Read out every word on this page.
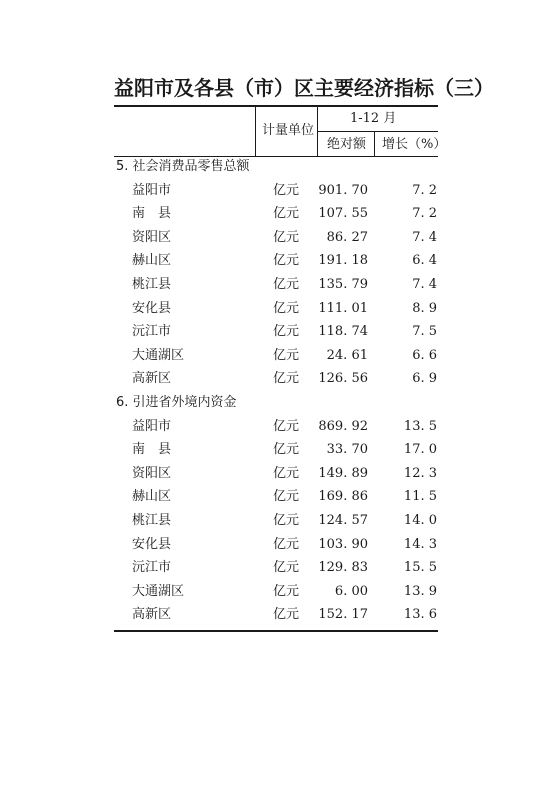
益阳市及各县（市）区主要经济指标（三）
计量单位
1-12 月
绝对额 增长（%）
5. 社会消费品零售总额
益阳市	亿元 901. 70	7. 2
南　县	亿元 107. 55	7. 2
资阳区	亿元 86. 27	7. 4
赫山区	亿元 191. 18	6. 4
桃江县	亿元 135. 79	7. 4
安化县	亿元 111. 01	8. 9
沅江市	亿元 118. 74	7. 5
大通湖区	亿元 24. 61	6. 6
高新区	亿元 126. 56	6. 9
6. 引进省外境内资金
益阳市	亿元 869. 92	13. 5
南　县	亿元 33. 70	17. 0
资阳区	亿元 149. 89	12. 3
赫山区	亿元 169. 86	11. 5
桃江县	亿元 124. 57	14. 0
安化县	亿元 103. 90	14. 3
沅江市	亿元 129. 83	15. 5
大通湖区	亿元	6. 00	13. 9
高新区	亿元 152. 17	13. 6
